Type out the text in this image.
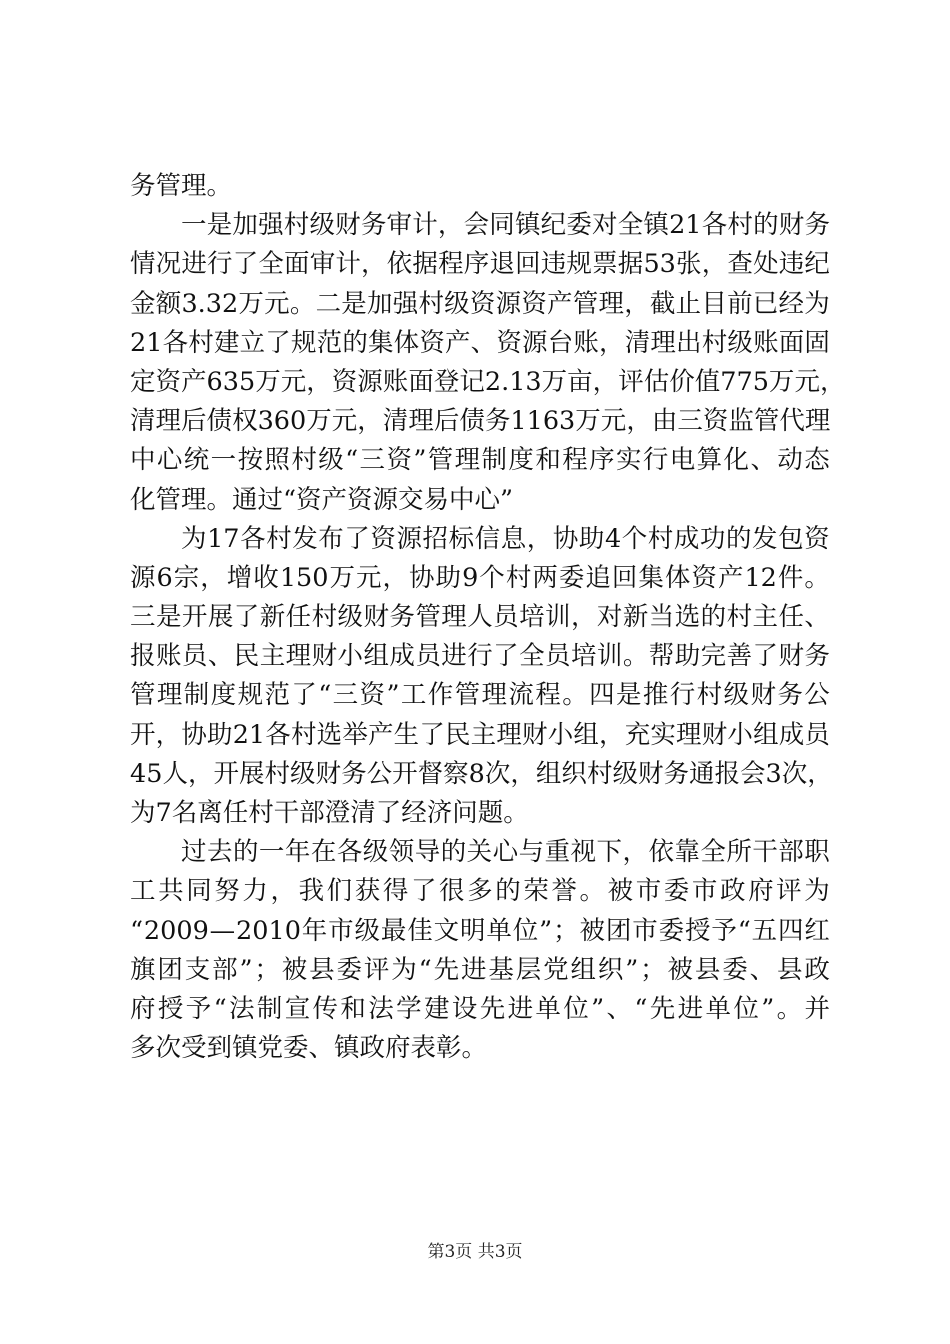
务管理。
一 是 加 强 村 级 财 务 审 计 ， 会 同 镇 纪 委 对 全 镇 21 各 村 的 财 务
情 况 进 行 了 全 面 审 计 ， 依 据 程 序 退 回 违 规 票 据 53 张 ， 查 处 违 纪
金 额 3.32 万 元 。 二 是 加 强 村 级 资 源 资 产 管 理 ， 截 止 目 前 已 经 为
21 各 村 建 立 了 规 范 的 集 体 资 产 、 资 源 台 账 ， 清 理 出 村 级 账 面 固
定 资 产 635 万 元 ， 资 源 账 面 登 记 2.13 万 亩 ， 评 估 价 值 775 万 元 ，
清 理 后 债 权 360 万 元 ， 清 理 后 债 务 1163 万 元 ， 由 三 资 监 管 代 理
中 心 统 一 按 照 村 级 “ 三 资 ” 管 理 制 度 和 程 序 实 行 电 算 化 、 动 态
化管理。通过“资产资源交易中心”
为 17 各 村 发 布 了 资 源 招 标 信 息 ， 协 助 4 个 村 成 功 的 发 包 资
源 6 宗 ， 增 收 150 万 元 ， 协 助 9 个 村 两 委 追 回 集 体 资 产 12 件 。
三 是 开 展 了 新 任 村 级 财 务 管 理 人 员 培 训 ， 对 新 当 选 的 村 主 任 、
报 账 员 、 民 主 理 财 小 组 成 员 进 行 了 全 员 培 训 。 帮 助 完 善 了 财 务
管 理 制 度 规 范 了 “ 三 资 ” 工 作 管 理 流 程 。 四 是 推 行 村 级 财 务 公
开 ， 协 助 21 各 村 选 举 产 生 了 民 主 理 财 小 组 ， 充 实 理 财 小 组 成 员
45 人 ， 开 展 村 级 财 务 公 开 督 察 8 次 ， 组 织 村 级 财 务 通 报 会 3 次 ，
为7名离任村干部澄清了经济问题。
过 去 的 一 年 在 各 级 领 导 的 关 心 与 重 视 下 ， 依 靠 全 所 干 部 职
工 共 同 努 力 ， 我 们 获 得 了 很 多 的 荣 誉 。 被 市 委 市 政 府 评 为
“ 2009 — 2010 年 市 级 最 佳 文 明 单 位 ” ； 被 团 市 委 授 予 “ 五 四 红
旗 团 支 部 ” ； 被 县 委 评 为 “ 先 进 基 层 党 组 织 ” ； 被 县 委 、 县 政
府 授 予 “ 法 制 宣 传 和 法 学 建 设 先 进 单 位 ” 、 “ 先 进 单 位 ” 。 并
多次受到镇党委、镇政府表彰。
第3页 共3页
